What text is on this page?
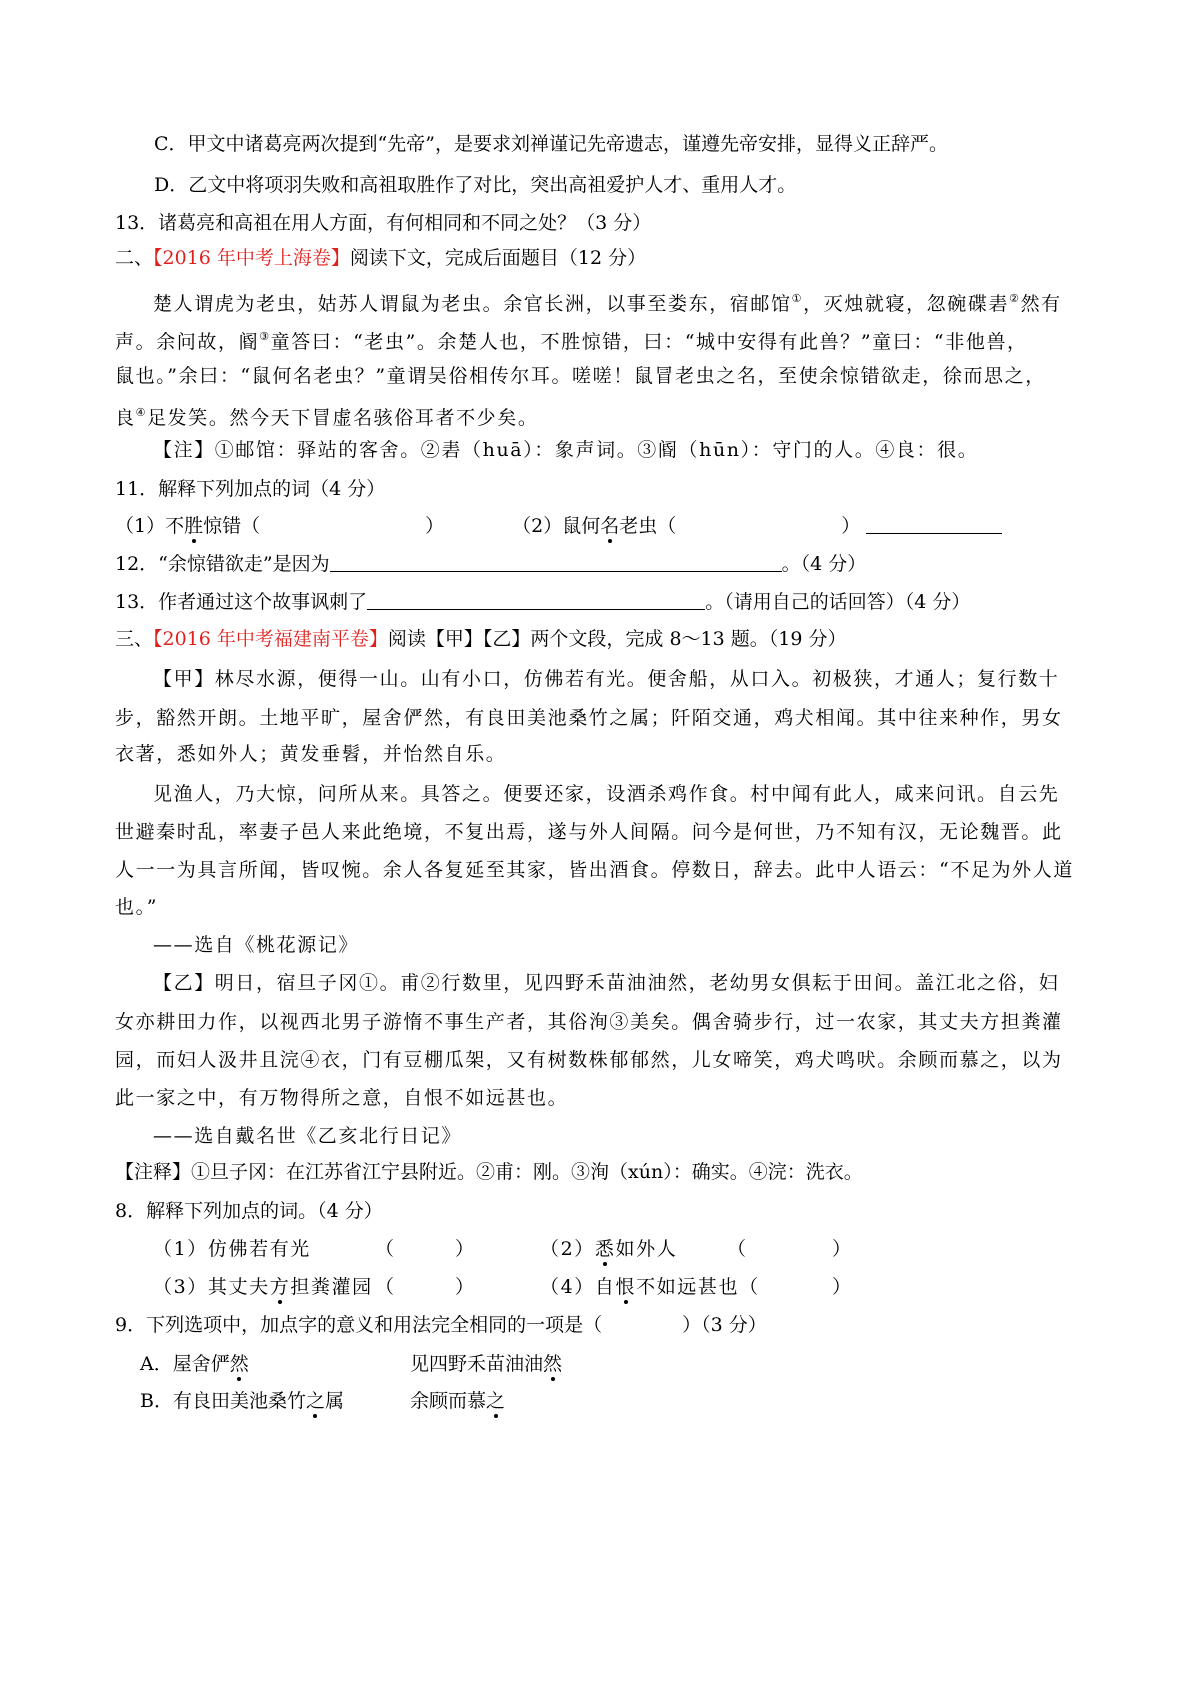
C．甲文中诸葛亮两次提到“先帝”，是要求刘禅谨记先帝遗志，谨遵先帝安排，显得义正辞严。
D．乙文中将项羽失败和高祖取胜作了对比，突出高祖爱护人才、重用人才。
13．诸葛亮和高祖在用人方面，有何相同和不同之处？（3 分）
二、【2016 年中考上海卷】阅读下文，完成后面题目（12 分）
楚人谓虎为老虫，姑苏人谓鼠为老虫。余官长洲，以事至娄东，宿邮馆①，灭烛就寝，忽碗碟砉②然有
声。余问故，阍③童答曰：“老虫”。余楚人也，不胜惊错，曰：“城中安得有此兽？”童曰：“非他兽，
鼠也。”余曰：“鼠何名老虫？”童谓吴俗相传尔耳。嗟嗟！鼠冒老虫之名，至使余惊错欲走，徐而思之，
良④足发笑。然今天下冒虚名骇俗耳者不少矣。
【注】①邮馆：驿站的客舍。②砉（huā）：象声词。③阍（hūn）：守门的人。④良：很。
11．解释下列加点的词（4 分）
（1）不胜惊错（	）	（2）鼠何名老虫（	）
12．“余惊错欲走”是因为	。（4 分）
13．作者通过这个故事讽刺了	。（请用自己的话回答）（4 分）
三、【2016 年中考福建南平卷】阅读【甲】【乙】两个文段，完成 8～13 题。（19 分）
【甲】林尽水源，便得一山。山有小口，仿佛若有光。便舍船，从口入。初极狭，才通人；复行数十
步，豁然开朗。土地平旷，屋舍俨然，有良田美池桑竹之属；阡陌交通，鸡犬相闻。其中往来种作，男女
衣著，悉如外人；黄发垂髫，并怡然自乐。
见渔人，乃大惊，问所从来。具答之。便要还家，设酒杀鸡作食。村中闻有此人，咸来问讯。自云先
世避秦时乱，率妻子邑人来此绝境，不复出焉，遂与外人间隔。问今是何世，乃不知有汉，无论魏晋。此
人一一为具言所闻，皆叹惋。余人各复延至其家，皆出酒食。停数日，辞去。此中人语云：“不足为外人道
也。”
——选自《桃花源记》
【乙】明日，宿旦子冈①。甫②行数里，见四野禾苗油油然，老幼男女俱耘于田间。盖江北之俗，妇
女亦耕田力作，以视西北男子游惰不事生产者，其俗洵③美矣。偶舍骑步行，过一农家，其丈夫方担粪灌
园，而妇人汲井且浣④衣，门有豆棚瓜架，又有树数株郁郁然，儿女啼笑，鸡犬鸣吠。余顾而慕之，以为
此一家之中，有万物得所之意，自恨不如远甚也。
——选自戴名世《乙亥北行日记》
【注释】①旦子冈：在江苏省江宁县附近。②甫：刚。③洵（xún）：确实。④浣：洗衣。
8．解释下列加点的词。（4 分）
（1）仿佛若有光	（	）	（2）悉如外人	（	）
（3）其丈夫方担粪灌园 （	）	（4）自恨不如远甚也（	）
9．下列选项中，加点字的意义和用法完全相同的一项是（	）（3 分）
A．屋舍俨然	见四野禾苗油油然
B．有良田美池桑竹之属	余顾而慕之
